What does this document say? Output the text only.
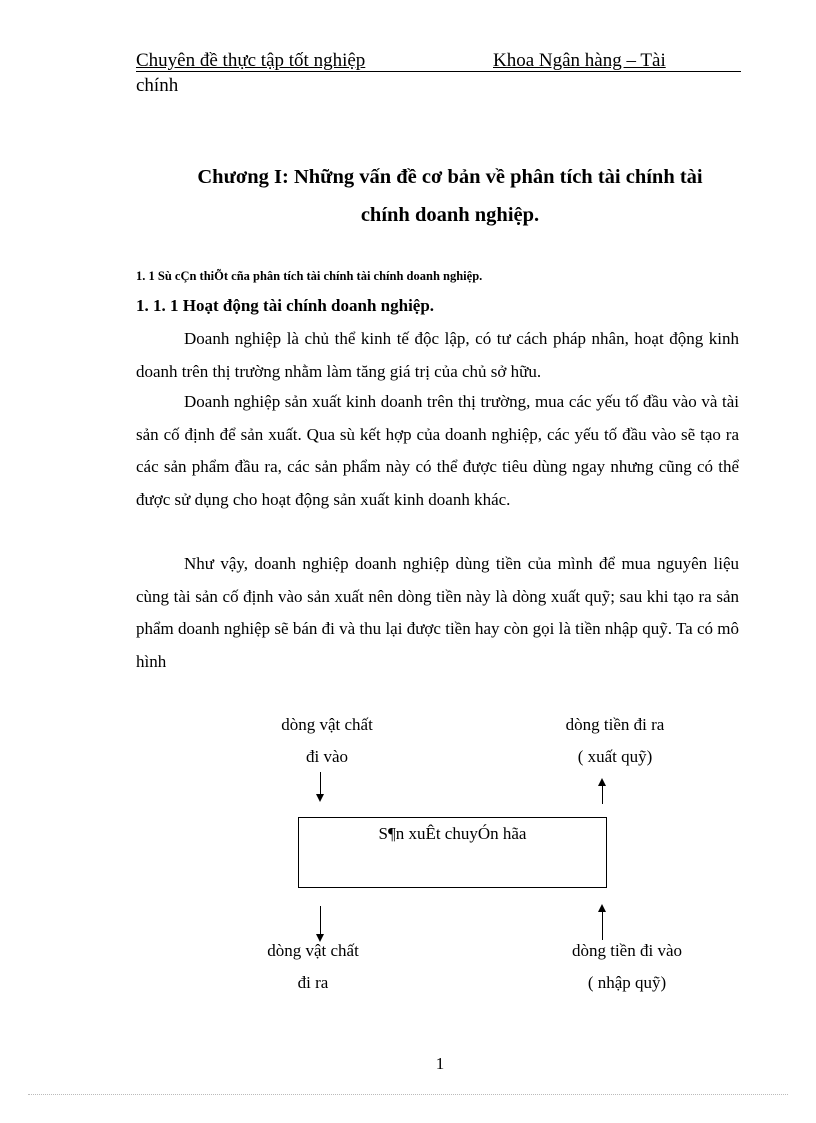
Chuyên đề thực tập tốt nghiệp	Khoa Ngân hàng – Tài
chính
Chương I: Những vấn đề cơ bản về phân tích tài chính tài
chính doanh nghiệp.
1. 1 Sù cÇn thiÕt cña phân tích tài chính tài chính doanh nghiệp.
1. 1. 1 Hoạt động tài chính doanh nghiệp.

Doanh nghiệp là chủ thể kinh tế độc lập, có tư cách pháp nhân, hoạt động kinh doanh trên thị trường nhằm làm tăng giá trị của chủ sở hữu.

Doanh nghiệp sản xuất kinh doanh trên thị trường, mua các yếu tố đầu vào và tài sản cố định để sản xuất. Qua sù kết hợp của doanh nghiệp, các yếu tố đầu vào sẽ tạo ra các sản phẩm đầu ra, các sản phẩm này có thể được tiêu dùng ngay nhưng cũng có thể được sử dụng cho hoạt động sản xuất kinh doanh khác.

Như vậy, doanh nghiệp doanh nghiệp dùng tiền của mình để mua nguyên liệu cùng tài sản cố định vào sản xuất nên dòng tiền này là dòng xuất quỹ; sau khi tạo ra sản phẩm doanh nghiệp sẽ bán đi và thu lại được tiền hay còn gọi là tiền nhập quỹ. Ta có mô hình

dòng vật chất
đi vào
dòng tiền đi ra
( xuất quỹ)
S¶n xuÊt chuyÓn hãa
dòng vật chất
đi ra
dòng tiền đi vào
( nhập quỹ)
1
